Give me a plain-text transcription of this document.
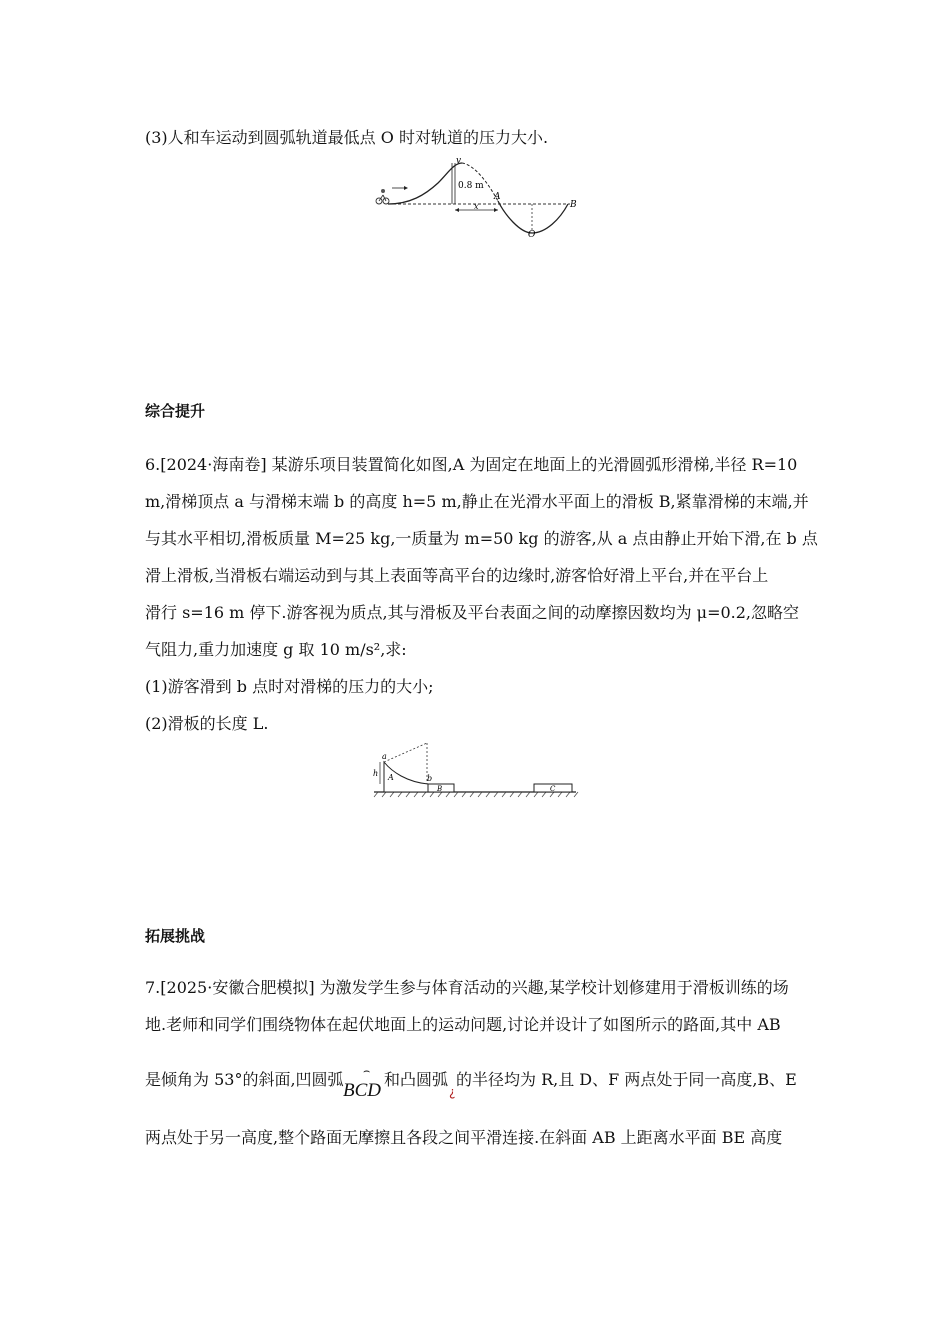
(3)人和车运动到圆弧轨道最低点 O 时对轨道的压力大小.
v
0.8 m
A
x	B
O
综合提升
6.[2024·海南卷] 某游乐项目装置简化如图,A 为固定在地面上的光滑圆弧形滑梯,半径 R=10
m,滑梯顶点 a 与滑梯末端 b 的高度 h=5 m,静止在光滑水平面上的滑板 B,紧靠滑梯的末端,并
与其水平相切,滑板质量 M=25 kg,一质量为 m=50 kg 的游客,从 a 点由静止开始下滑,在 b 点
滑上滑板,当滑板右端运动到与其上表面等高平台的边缘时,游客恰好滑上平台,并在平台上
滑行 s=16 m 停下.游客视为质点,其与滑板及平台表面之间的动摩擦因数均为 μ=0.2,忽略空
气阻力,重力加速度 g 取 10 m/s²,求:
(1)游客滑到 b 点时对滑梯的压力的大小;
(2)滑板的长度 L.
a
h A	b
B	C
拓展挑战
7.[2025·安徽合肥模拟] 为激发学生参与体育活动的兴趣,某学校计划修建用于滑板训练的场
地.老师和同学们围绕物体在起伏地面上的运动问题,讨论并设计了如图所示的路面,其中 AB
是倾角为 53°的斜面,凹圆弧 ⌢
BCD
和凸圆弧
¿
的半径均为 R,且 D、F 两点处于同一高度,B、E
两点处于另一高度,整个路面无摩擦且各段之间平滑连接.在斜面 AB 上距离水平面 BE 高度
